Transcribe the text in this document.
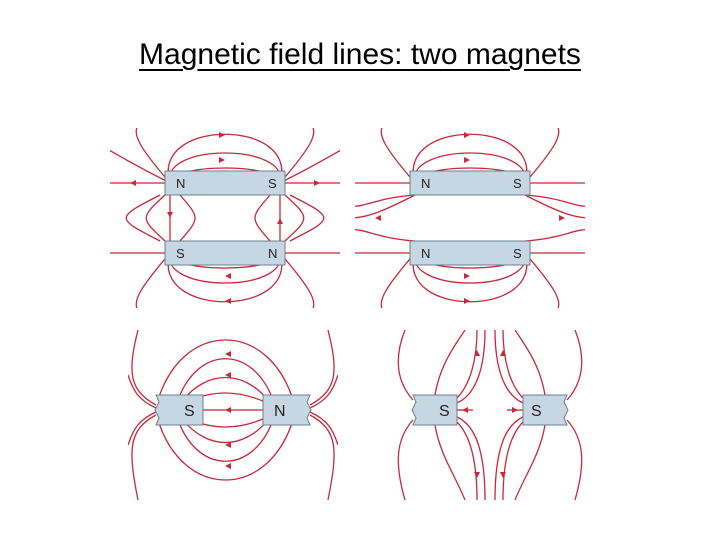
Magnetic field lines: two magnets
N	S
S	N
N	S
N	S
S	N	S	S
